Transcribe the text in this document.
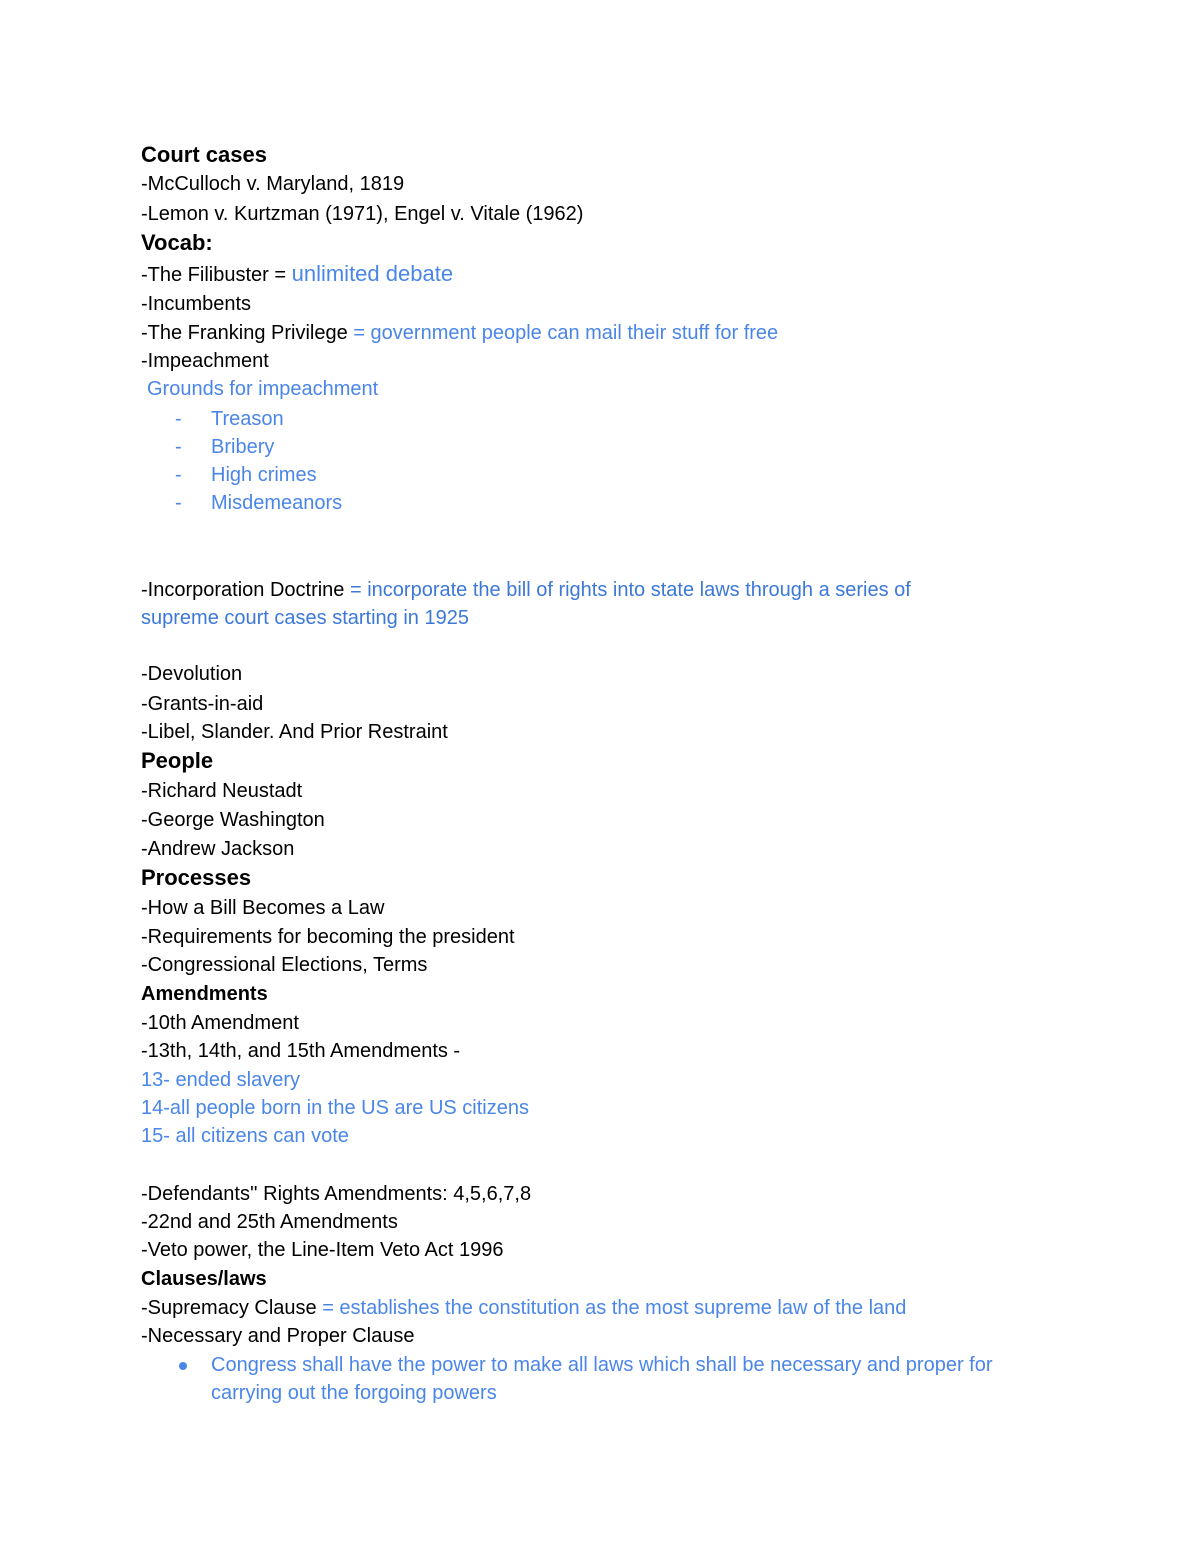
Court cases
-McCulloch v. Maryland, 1819
-Lemon v. Kurtzman (1971), Engel v. Vitale (1962)
Vocab:
-The Filibuster = unlimited debate
-Incumbents
-The Franking Privilege = government people can mail their stuff for free
-Impeachment
Grounds for impeachment
- Treason
- Bribery
- High crimes
- Misdemeanors
-Incorporation Doctrine = incorporate the bill of rights into state laws through a series of
supreme court cases starting in 1925
-Devolution
-Grants-in-aid
-Libel, Slander. And Prior Restraint
People
-Richard Neustadt
-George Washington
-Andrew Jackson
Processes
-How a Bill Becomes a Law
-Requirements for becoming the president
-Congressional Elections, Terms
Amendments
-10th Amendment
-13th, 14th, and 15th Amendments -
13- ended slavery
14-all people born in the US are US citizens
15- all citizens can vote
-Defendants'' Rights Amendments: 4,5,6,7,8
-22nd and 25th Amendments
-Veto power, the Line-Item Veto Act 1996
Clauses/laws
-Supremacy Clause = establishes the constitution as the most supreme law of the land
-Necessary and Proper Clause
Congress shall have the power to make all laws which shall be necessary and proper for
carrying out the forgoing powers
